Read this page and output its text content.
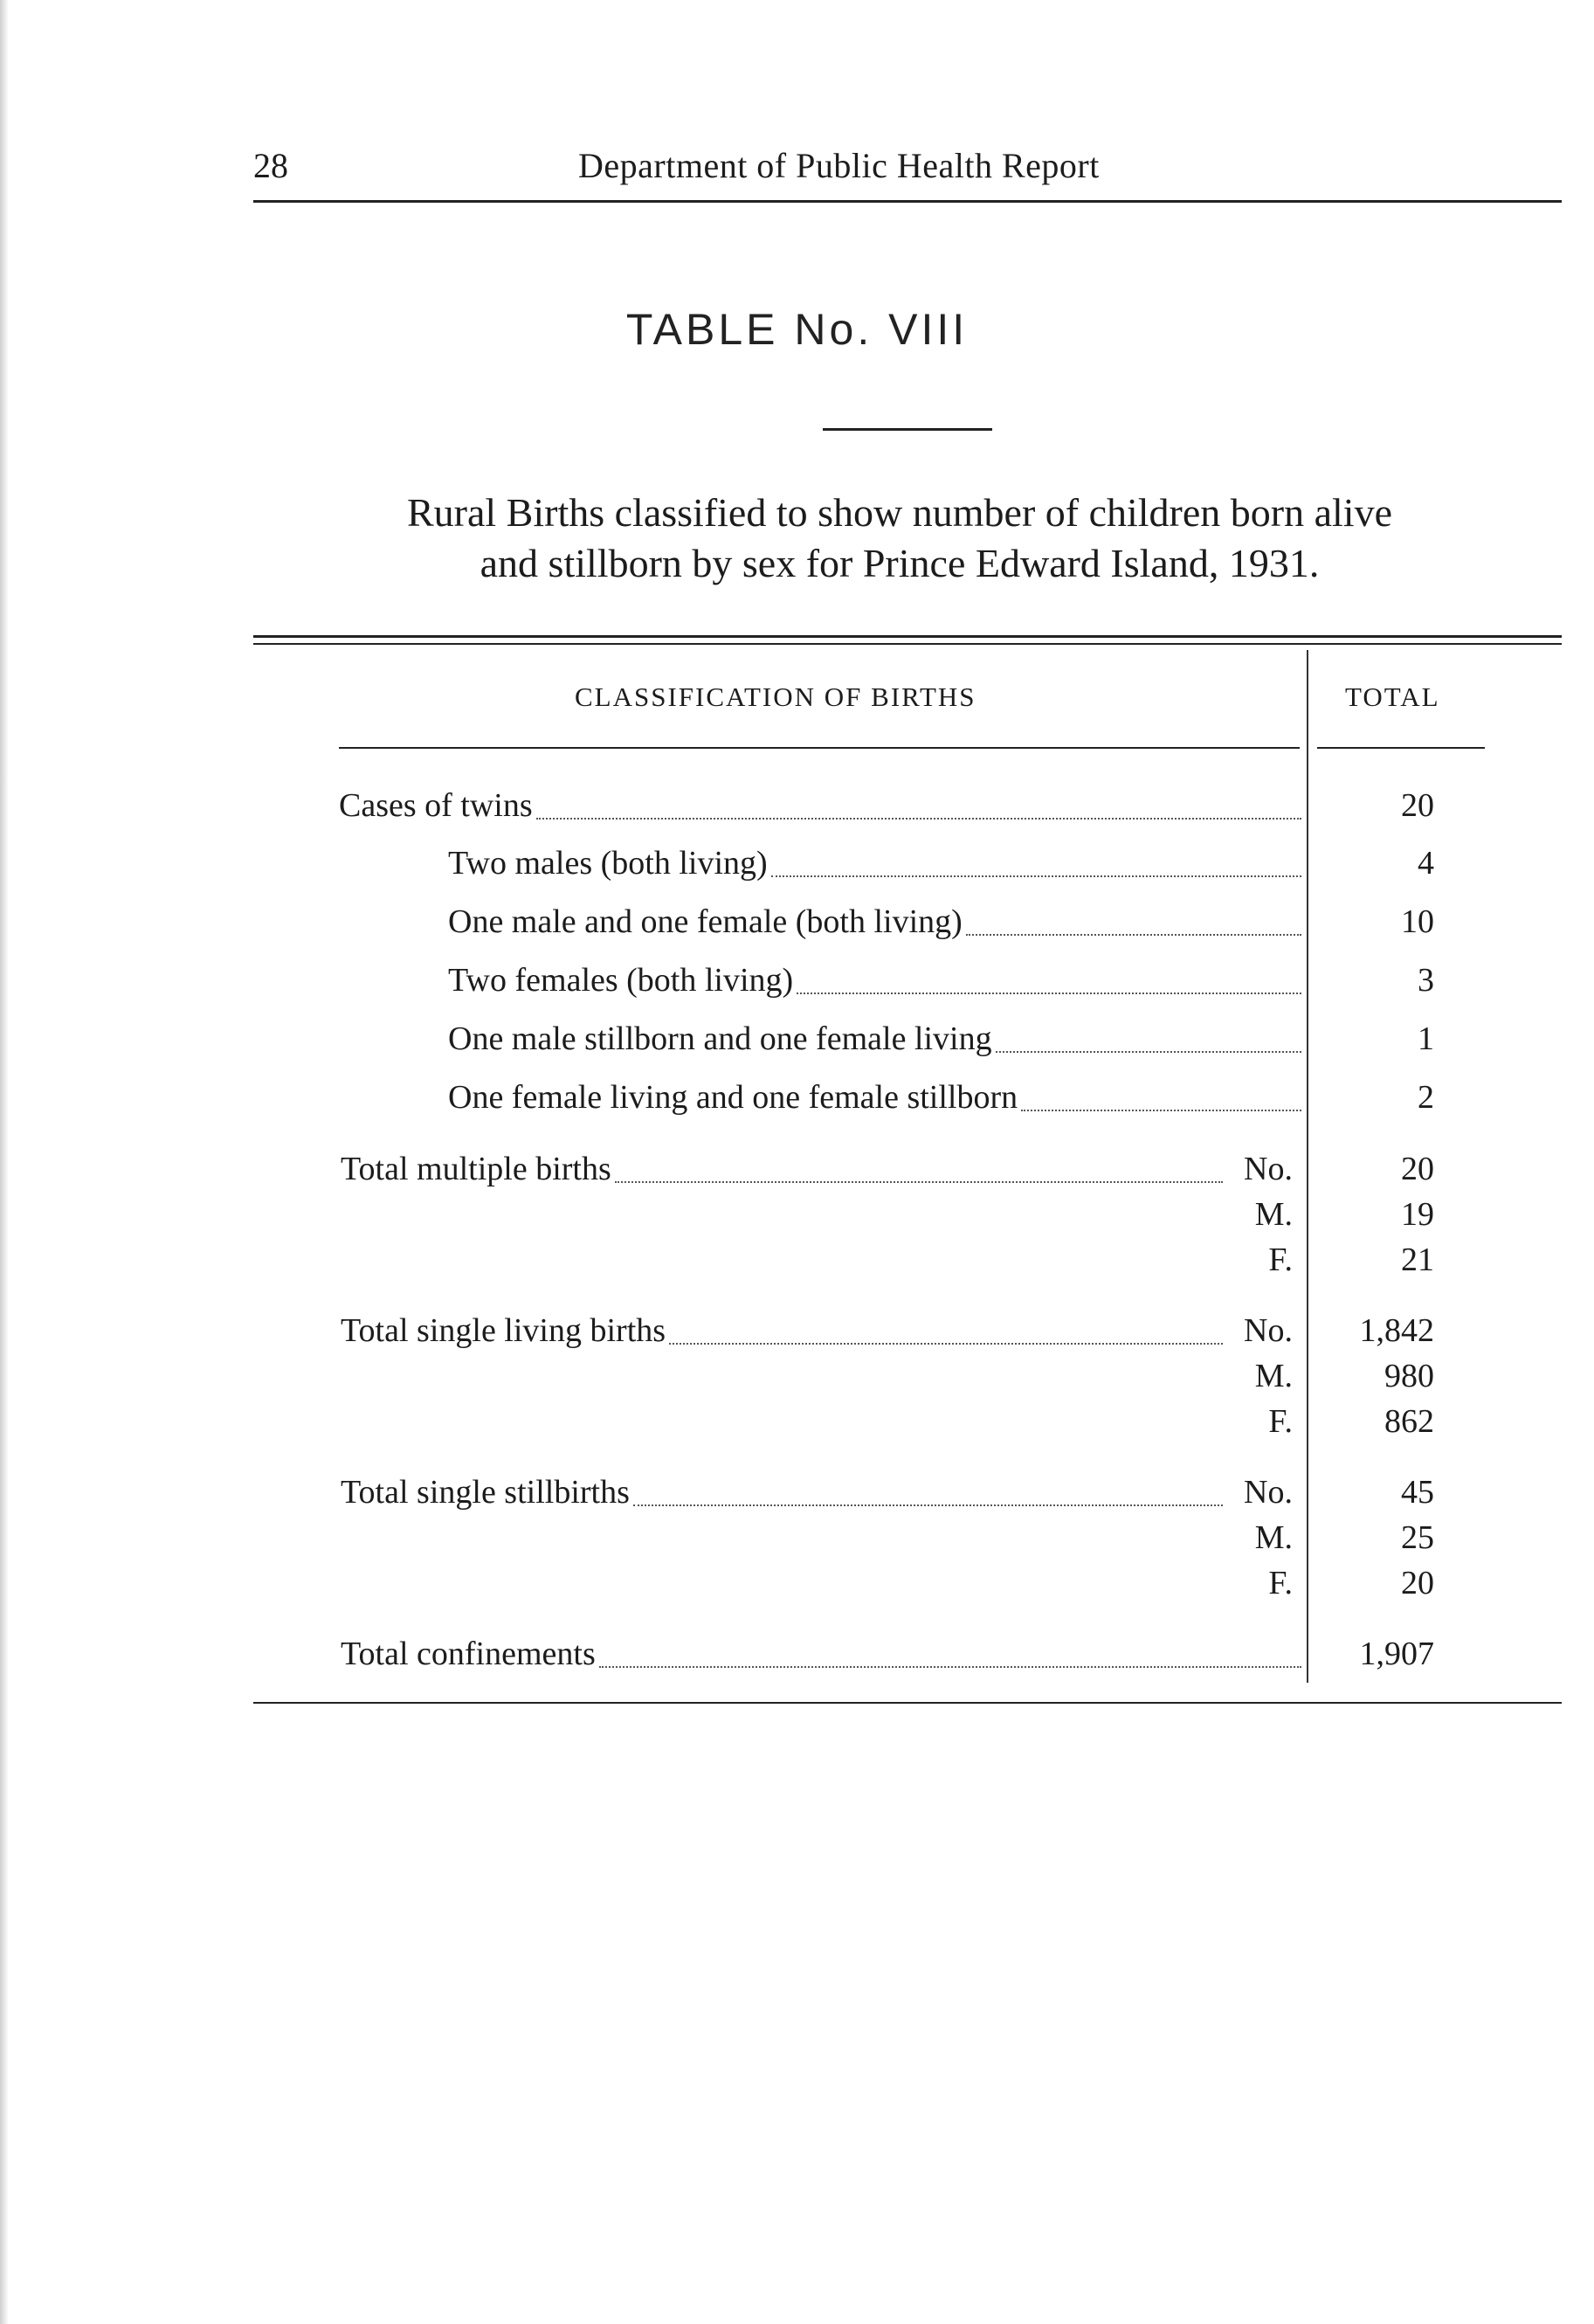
28	Department of Public Health Report
TABLE No. VIII
Rural Births classified to show number of children born alive
and stillborn by sex for Prince Edward Island, 1931.
CLASSIFICATION OF BIRTHS	TOTAL
Cases of twins	20
Two males (both living)	4
One male and one female (both living)	10
Two females (both living)	3
One male stillborn and one female living	1
One female living and one female stillborn	2
Total multiple births	No.	20
M.	19
F.	21
Total single living births	No.	1,842
M.	980
F.	862
Total single stillbirths	No.	45
M.	25
F.	20
Total confinements	1,907
